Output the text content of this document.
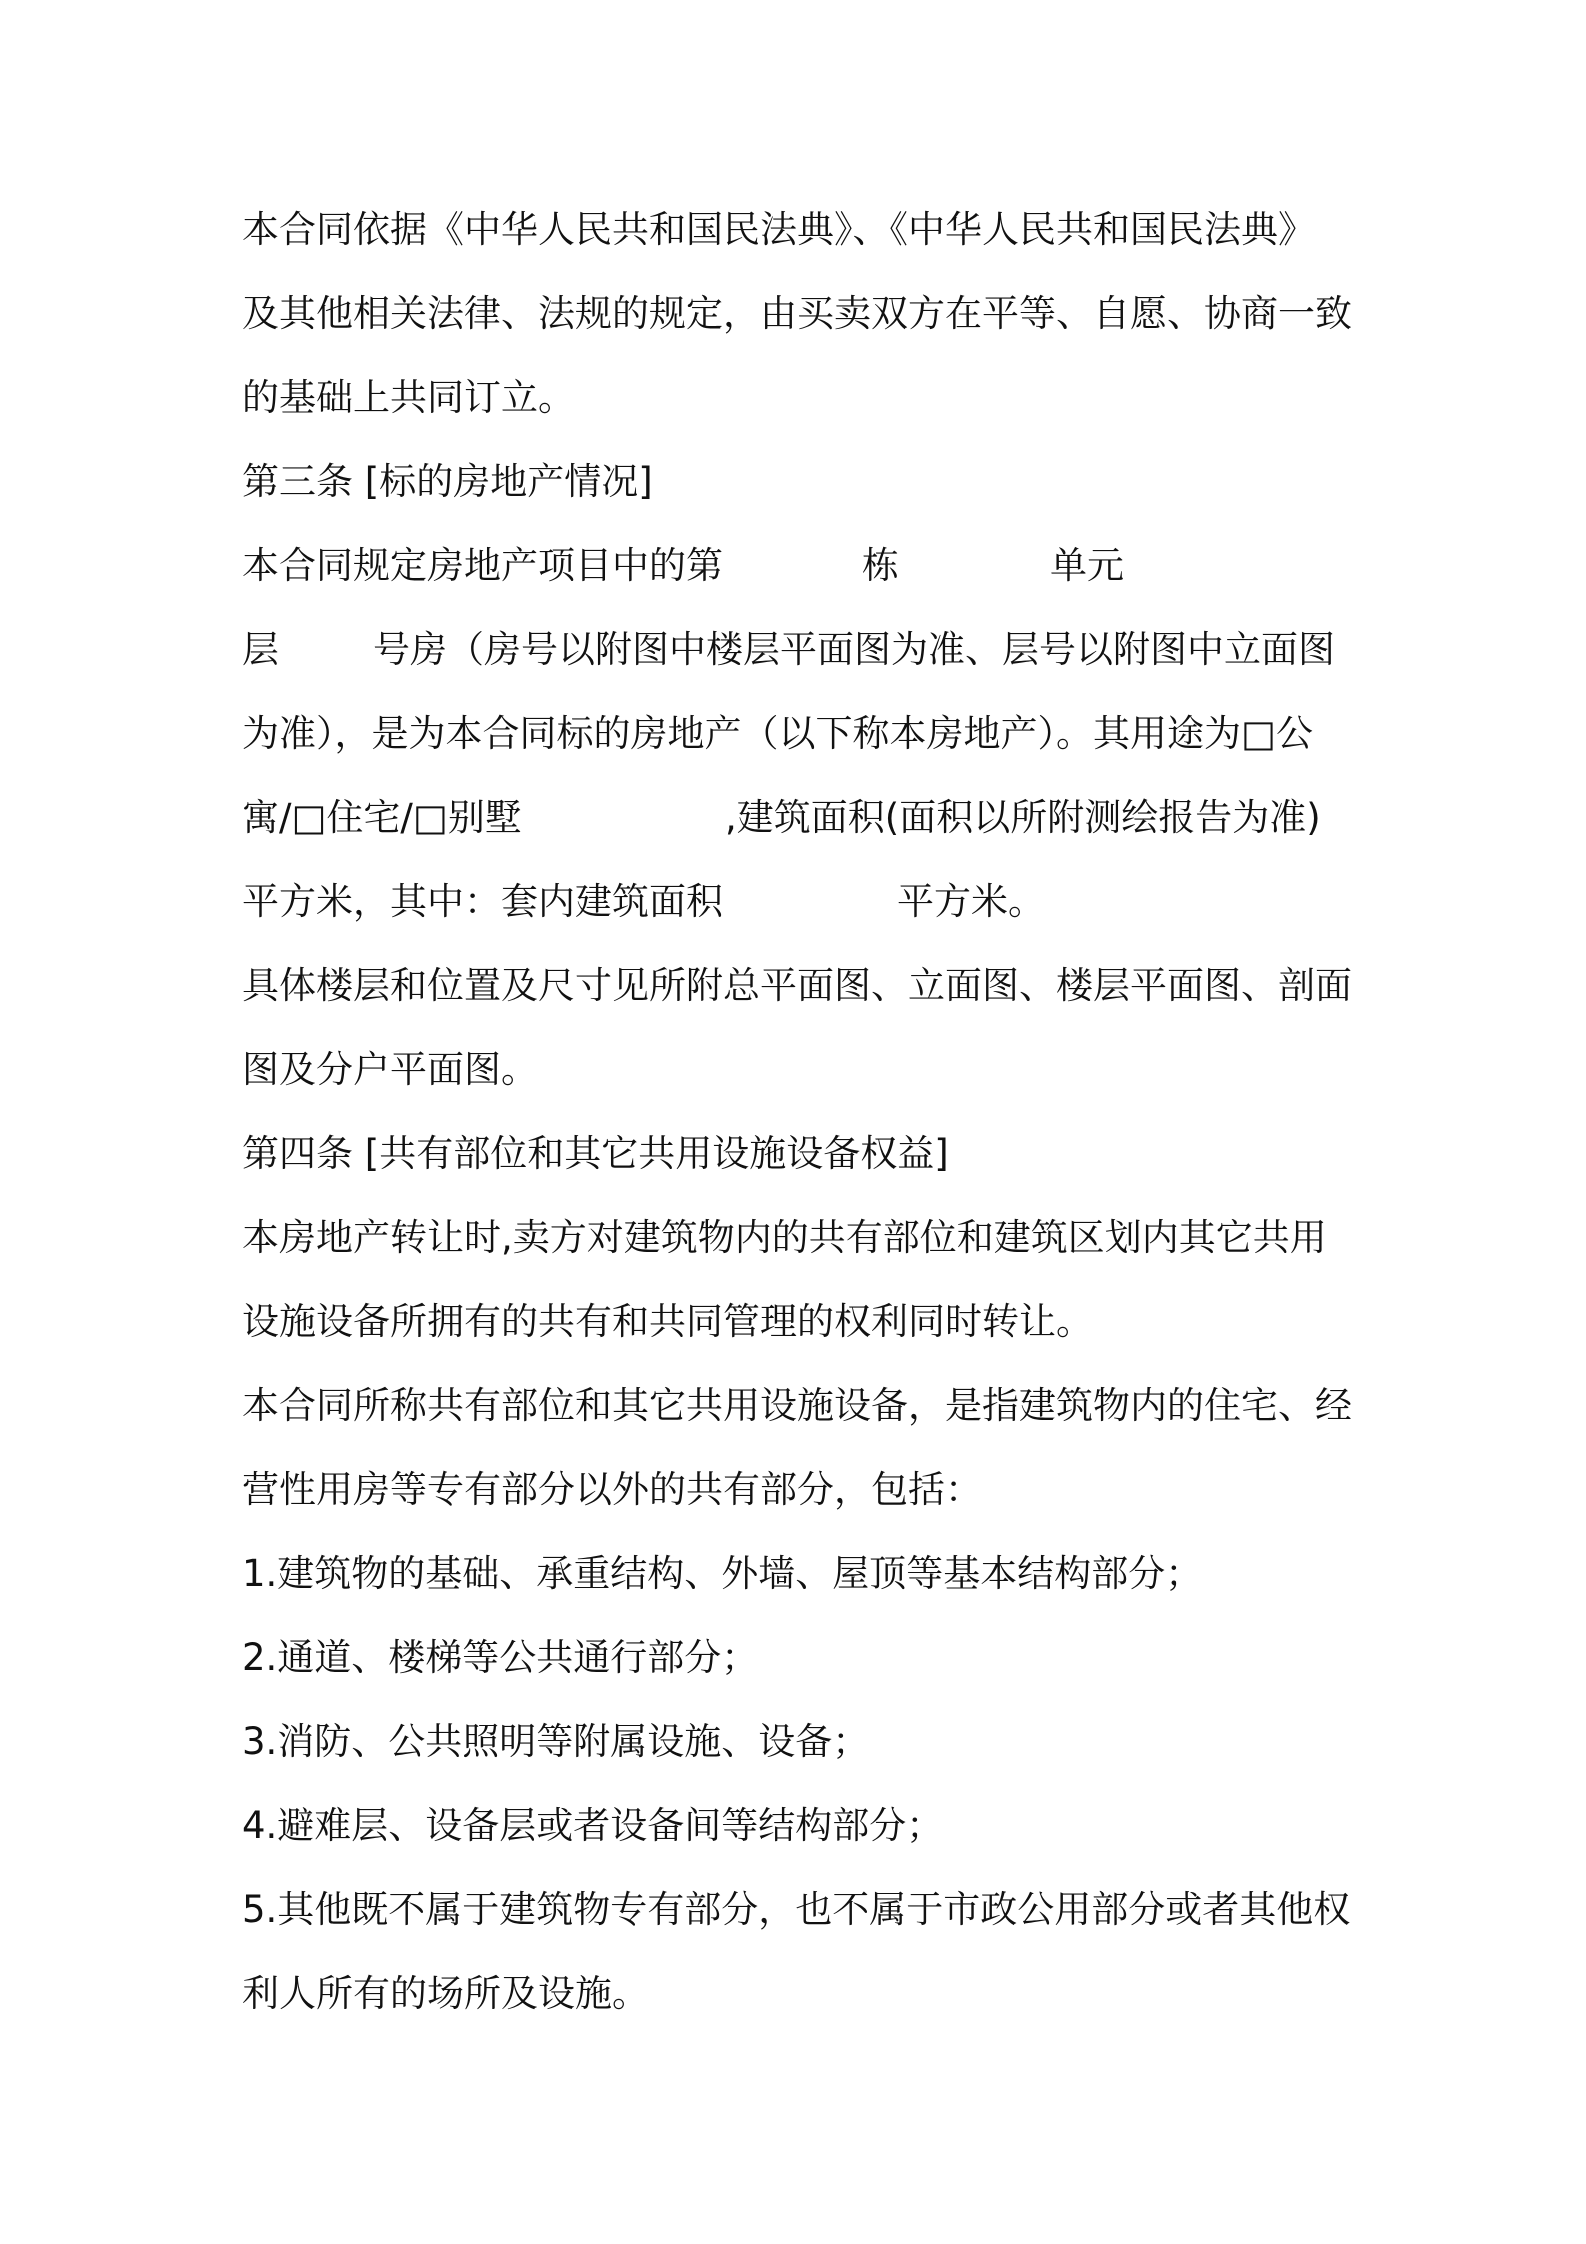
本合同依据《中华人民共和国民法典》、《中华人民共和国民法典》
及其他相关法律、法规的规定，由买卖双方在平等、自愿、协商一致
的基础上共同订立。
第三条 [标的房地产情况]
本合同规定房地产项目中的第	栋	单元
层	号房（房号以附图中楼层平面图为准、层号以附图中立面图
为准），是为本合同标的房地产（以下称本房地产）。其用途为□公
寓/□住宅/□别墅	,建筑面积(面积以所附测绘报告为准)
平方米，其中：套内建筑面积	平方米。
具体楼层和位置及尺寸见所附总平面图、立面图、楼层平面图、剖面
图及分户平面图。
第四条 [共有部位和其它共用设施设备权益]
本房地产转让时,卖方对建筑物内的共有部位和建筑区划内其它共用
设施设备所拥有的共有和共同管理的权利同时转让。
本合同所称共有部位和其它共用设施设备，是指建筑物内的住宅、经
营性用房等专有部分以外的共有部分，包括：
1.建筑物的基础、承重结构、外墙、屋顶等基本结构部分；
2.通道、楼梯等公共通行部分；
3.消防、公共照明等附属设施、设备；
4.避难层、设备层或者设备间等结构部分；
5.其他既不属于建筑物专有部分，也不属于市政公用部分或者其他权
利人所有的场所及设施。
